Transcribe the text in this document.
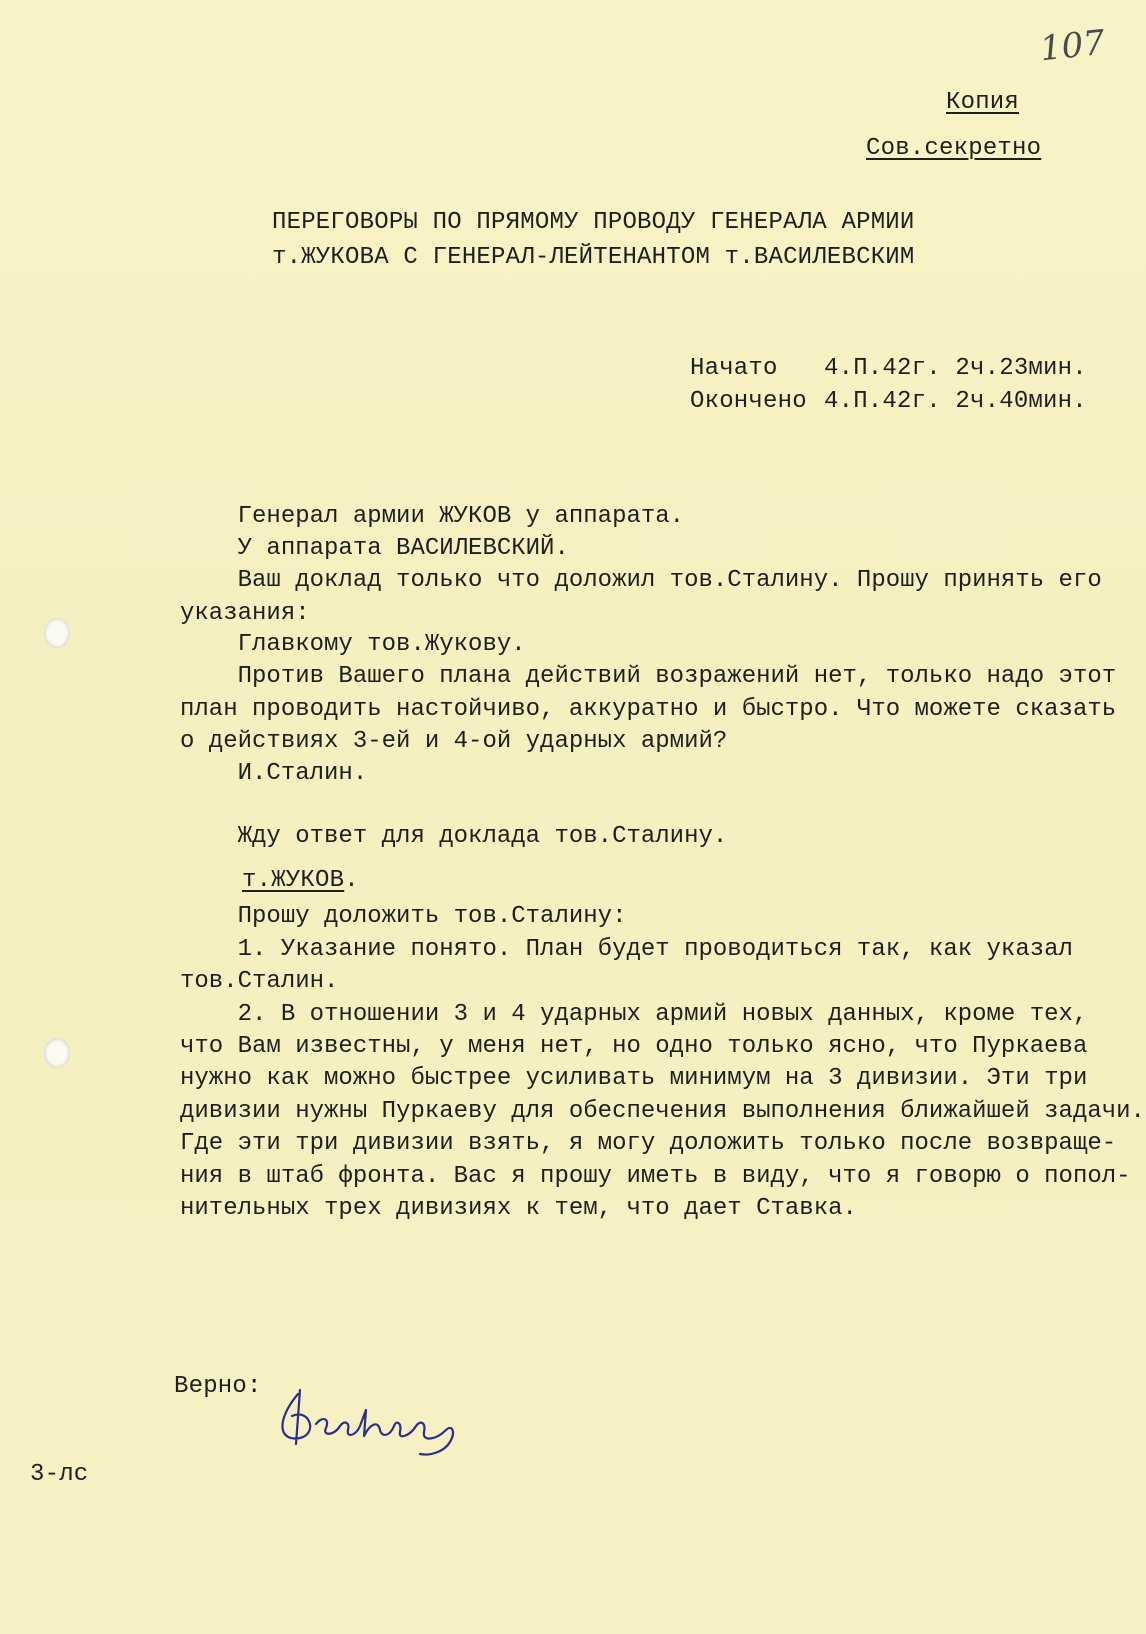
107
Копия
Сов.секретно
ПЕРЕГОВОРЫ ПО ПРЯМОМУ ПРОВОДУ ГЕНЕРАЛА АРМИИ
т.ЖУКОВА С ГЕНЕРАЛ-ЛЕЙТЕНАНТОМ т.ВАСИЛЕВСКИМ
Начато 4.П.42г. 2ч.23мин.
Окончено 4.П.42г. 2ч.40мин.
Генерал армии ЖУКОВ у аппарата.
У аппарата ВАСИЛЕВСКИЙ.
Ваш доклад только что доложил тов.Сталину. Прошу принять его
указания:
Главкому тов.Жукову.
Против Вашего плана действий возражений нет, только надо этот
план проводить настойчиво, аккуратно и быстро. Что можете сказать
о действиях 3-ей и 4-ой ударных армий?
И.Сталин.
Жду ответ для доклада тов.Сталину.
Прошу доложить тов.Сталину:
1. Указание понято. План будет проводиться так, как указал
тов.Сталин.
2. В отношении 3 и 4 ударных армий новых данных, кроме тех,
что Вам известны, у меня нет, но одно только ясно, что Пуркаева
нужно как можно быстрее усиливать минимум на 3 дивизии. Эти три
дивизии нужны Пуркаеву для обеспечения выполнения ближайшей задачи.
Где эти три дивизии взять, я могу доложить только после возвраще-
ния в штаб фронта. Вас я прошу иметь в виду, что я говорю о попол-
нительных трех дивизиях к тем, что дает Ставка.
т.ЖУКОВ.
Верно:
3-лс
